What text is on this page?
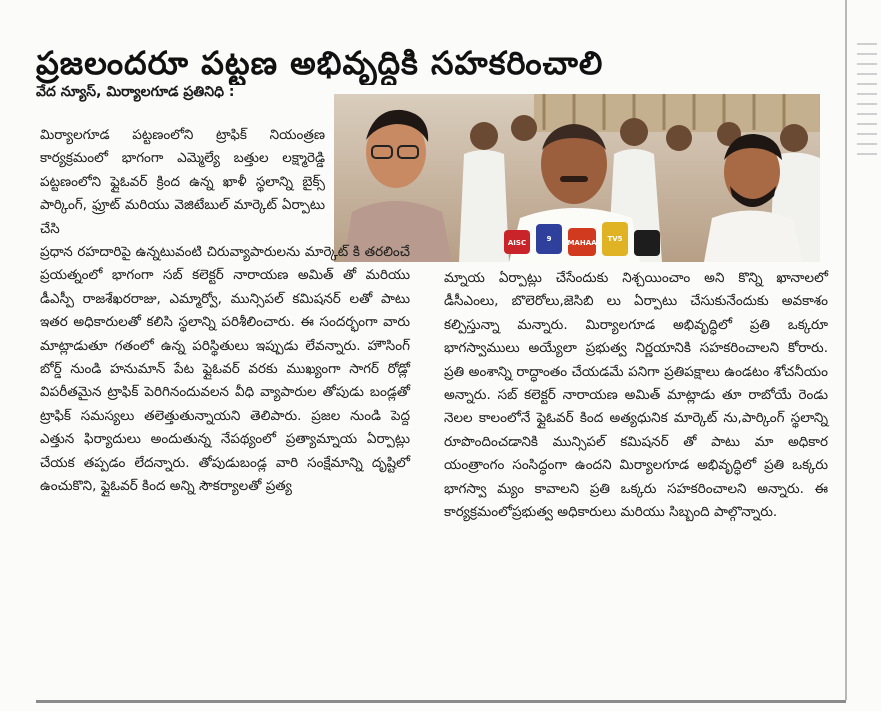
ప్రజలందరూ పట్టణ అభివృద్ధికి సహకరించాలి
వేద న్యూస్, మిర్యాలగూడ ప్రతినిధి :
AISC	9 MAHAA TV5
మిర్యాలగూడ పట్టణంలోని ట్రాఫిక్ నియంత్రణ కార్యక్రమంలో భాగంగా ఎమ్మెల్యే బత్తుల లక్ష్మారెడ్డి పట్టణంలోని ఫ్లైఓవర్ క్రింద ఉన్న ఖాళీ స్థలాన్ని బైక్స్ పార్కింగ్, ఫ్రూట్ మరియు వెజిటేబుల్ మార్కెట్ ఏర్పాటు చేసి
ప్రధాన రహదారిపై ఉన్నటువంటి చిరువ్యాపారులను మార్కెట్ కి తరలించే ప్రయత్నంలో భాగంగా సబ్ కలెక్టర్ నారాయణ అమిత్ తో మరియు డీఎస్పీ రాజశేఖరరాజు, ఎమ్మార్వో, మున్సిపల్ కమిషనర్ లతో పాటు ఇతర అధికారులతో కలిసి స్థలాన్ని పరిశీలించారు. ఈ సందర్భంగా వారు మాట్లాడుతూ గతంలో ఉన్న పరిస్థితులు ఇప్పుడు లేవన్నారు. హౌసింగ్ బోర్డ్ నుండి హనుమాన్ పేట ఫ్లైఓవర్ వరకు ముఖ్యంగా సాగర్ రోడ్లో విపరీతమైన ట్రాఫిక్ పెరిగినందువలన వీధి వ్యాపారుల తోపుడు బండ్లతో ట్రాఫిక్ సమస్యలు తలెత్తుతున్నాయని తెలిపారు. ప్రజల నుండి పెద్ద ఎత్తున ఫిర్యాదులు అందుతున్న నేపథ్యంలో ప్రత్యామ్నాయ ఏర్పాట్లు చేయక తప్పడం లేదన్నారు. తోపుడుబండ్ల వారి సంక్షేమాన్ని దృష్టిలో ఉంచుకొని, ఫ్లైఓవర్ కింద అన్ని సౌకర్యాలతో ప్రత్య
మ్నాయ ఏర్పాట్లు చేసేందుకు నిశ్చయించాం అని కొన్ని ఖానాలలో డీసీఎంలు, బొలెరోలు,జెసిబి లు ఏర్పాటు చేసుకునేందుకు అవకాశం కల్పిస్తున్నా మన్నారు. మిర్యాలగూడ అభివృద్ధిలో ప్రతి ఒక్కరూ భాగస్వాములు అయ్యేలా ప్రభుత్వ నిర్ణయానికి సహకరించాలని కోరారు. ప్రతి అంశాన్ని రాద్ధాంతం చేయడమే పనిగా ప్రతిపక్షాలు ఉండటం శోచనీయం అన్నారు. సబ్ కలెక్టర్ నారాయణ అమిత్ మాట్లాడు తూ రాబోయే రెండు నెలల కాలంలోనే ఫ్లైఓవర్ కింద అత్యధునిక మార్కెట్ ను,పార్కింగ్ స్థలాన్ని రూపొందించడానికి మున్సిపల్ కమిషనర్ తో పాటు మా అధికార యంత్రాంగం సంసిద్ధంగా ఉందని మిర్యాలగూడ అభివృద్ధిలో ప్రతి ఒక్కరు భాగస్వా మ్యం కావాలని ప్రతి ఒక్కరు సహకరించాలని అన్నారు. ఈ కార్యక్రమంలోప్రభుత్వ అధికారులు మరియు సిబ్బంది పాల్గొన్నారు.
